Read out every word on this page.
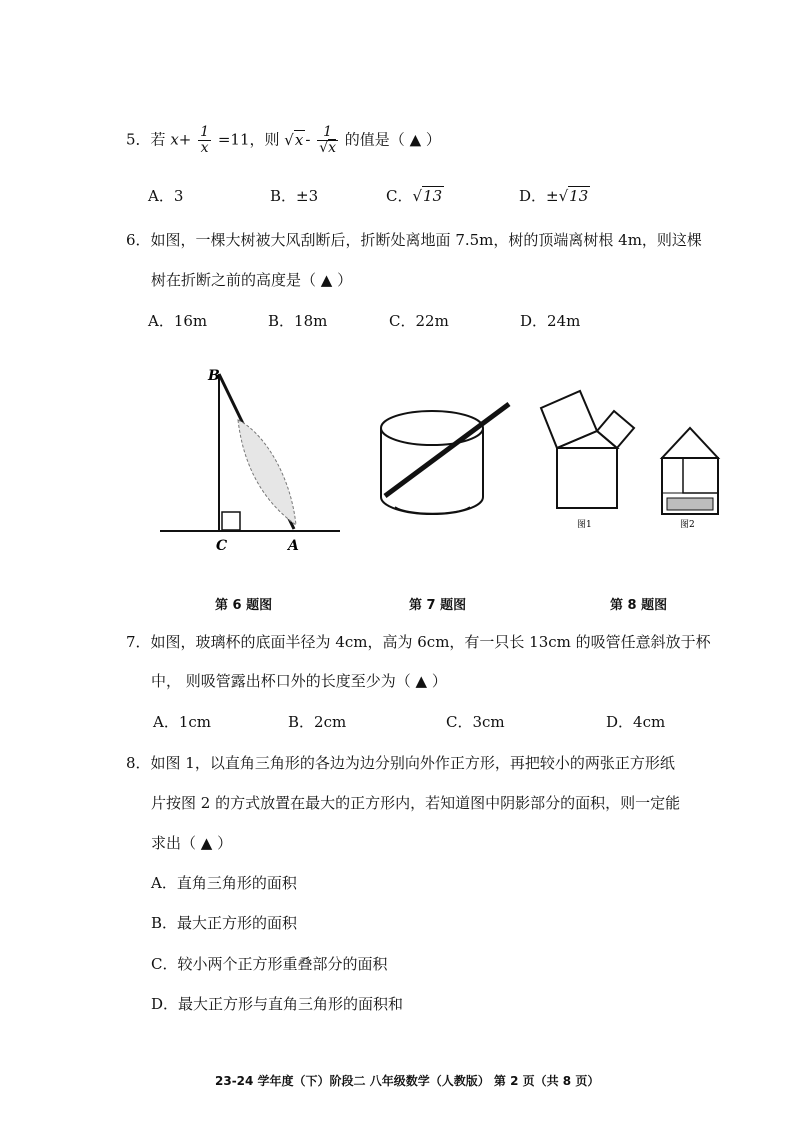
5．若 $x+ \frac{1}{x} =11$，则 $√x - \frac{1}{√x}$ 的值是（ ▲ ）
A．3	B．±3	C．√13	D．±√13
6．如图，一棵大树被大风刮断后，折断处离地面 7.5m，树的顶端离树根 4m，则这棵
树在折断之前的高度是（ ▲ ）
A．16m	B．18m	C．22m	D．24m
B
C	A
图1	图2
第 6 题图	第 7 题图	第 8 题图
7．如图，玻璃杯的底面半径为 4cm，高为 6cm，有一只长 13cm 的吸管任意斜放于杯
中， 则吸管露出杯口外的长度至少为（ ▲ ）
A．1cm	B．2cm	C．3cm	D．4cm
8．如图 1，以直角三角形的各边为边分别向外作正方形，再把较小的两张正方形纸
片按图 2 的方式放置在最大的正方形内，若知道图中阴影部分的面积，则一定能
求出（ ▲ ）
A．直角三角形的面积
B．最大正方形的面积
C．较小两个正方形重叠部分的面积
D．最大正方形与直角三角形的面积和
23-24 学年度（下）阶段二 八年级数学（人教版） 第 2 页（共 8 页）
